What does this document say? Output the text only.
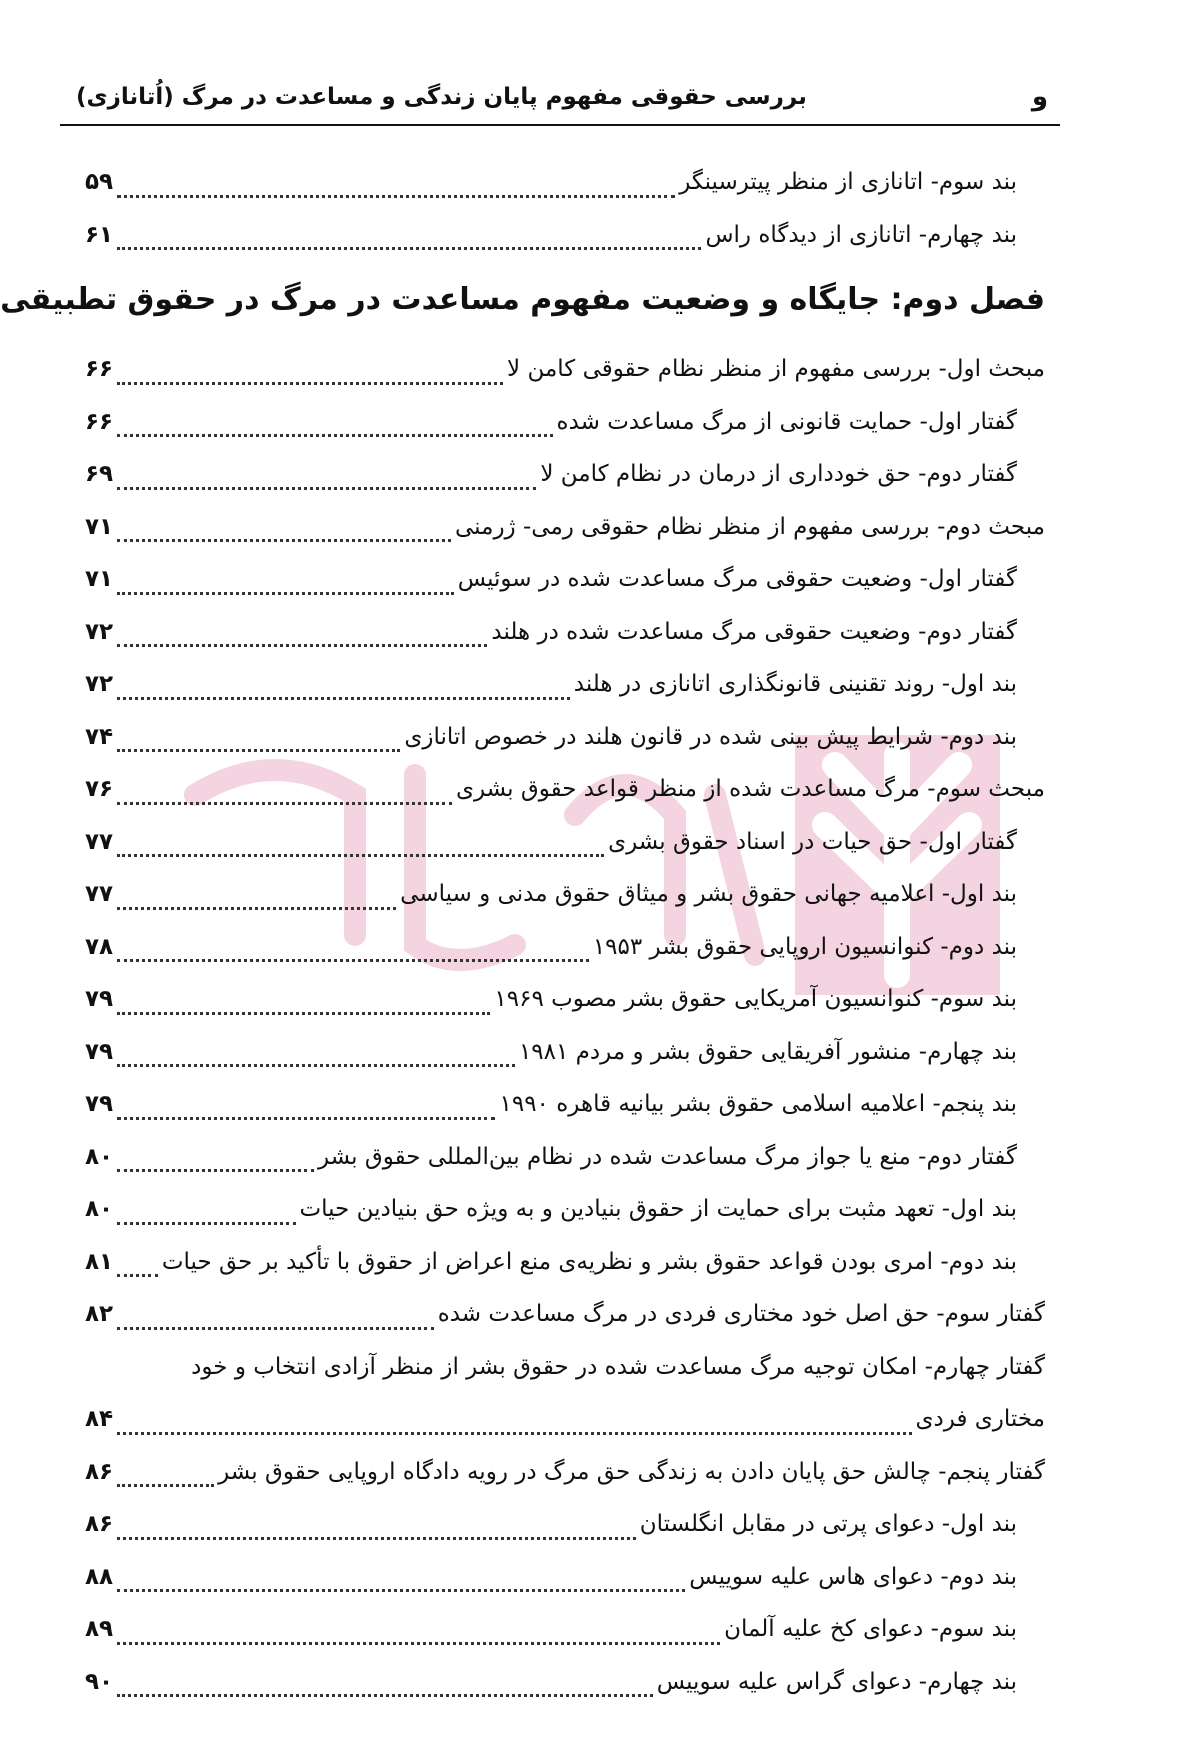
و
بررسی حقوقی مفهوم پایان زندگی و مساعدت در مرگ (اُتانازی)
بند سوم- اتانازی از منظر پیترسینگر
۵۹
بند چهارم- اتانازی از دیدگاه راس
۶۱
فصل دوم: جایگاه و وضعیت مفهوم مساعدت در مرگ در حقوق تطبیقی
مبحث اول- بررسی مفهوم از منظر نظام حقوقی کامن لا
۶۶
گفتار اول- حمایت قانونی از مرگ مساعدت شده
۶۶
گفتار دوم- حق خودداری از درمان در نظام کامن لا
۶۹
مبحث دوم- بررسی مفهوم از منظر نظام حقوقی رمی- ژرمنی
۷۱
گفتار اول- وضعیت حقوقی مرگ مساعدت شده در سوئیس
۷۱
گفتار دوم- وضعیت حقوقی مرگ مساعدت شده در هلند
۷۲
بند اول- روند تقنینی قانونگذاری اتانازی در هلند
۷۲
بند دوم- شرایط پیش بینی شده در قانون هلند در خصوص اتانازی
۷۴
مبحث سوم- مرگ مساعدت شده از منظر قواعد حقوق بشری
۷۶
گفتار اول- حق حیات در اسناد حقوق بشری
۷۷
بند اول- اعلامیه جهانی حقوق بشر و میثاق حقوق مدنی و سیاسی
۷۷
بند دوم- کنوانسیون اروپایی حقوق بشر ۱۹۵۳
۷۸
بند سوم- کنوانسیون آمریکایی حقوق بشر مصوب ۱۹۶۹
۷۹
بند چهارم- منشور آفریقایی حقوق بشر و مردم ۱۹۸۱
۷۹
بند پنجم- اعلامیه اسلامی حقوق بشر بیانیه قاهره ۱۹۹۰
۷۹
گفتار دوم- منع یا جواز مرگ مساعدت شده در نظام بین‌المللی حقوق بشر
۸۰
بند اول- تعهد مثبت برای حمایت از حقوق بنیادین و به ویژه حق بنیادین حیات
۸۰
بند دوم- امری بودن قواعد حقوق بشر و نظریه‌ی منع اعراض از حقوق با تأکید بر حق حیات
۸۱
گفتار سوم- حق اصل خود مختاری فردی در مرگ مساعدت شده
۸۲
گفتار چهارم- امکان توجیه مرگ مساعدت شده در حقوق بشر از منظر آزادی انتخاب و خود
مختاری فردی
۸۴
گفتار پنجم- چالش حق پایان دادن به زندگی حق مرگ در رویه دادگاه اروپایی حقوق بشر
۸۶
بند اول- دعوای پرتی در مقابل انگلستان
۸۶
بند دوم- دعوای هاس علیه سوییس
۸۸
بند سوم- دعوای کخ علیه آلمان
۸۹
بند چهارم- دعوای گراس علیه سوییس
۹۰
